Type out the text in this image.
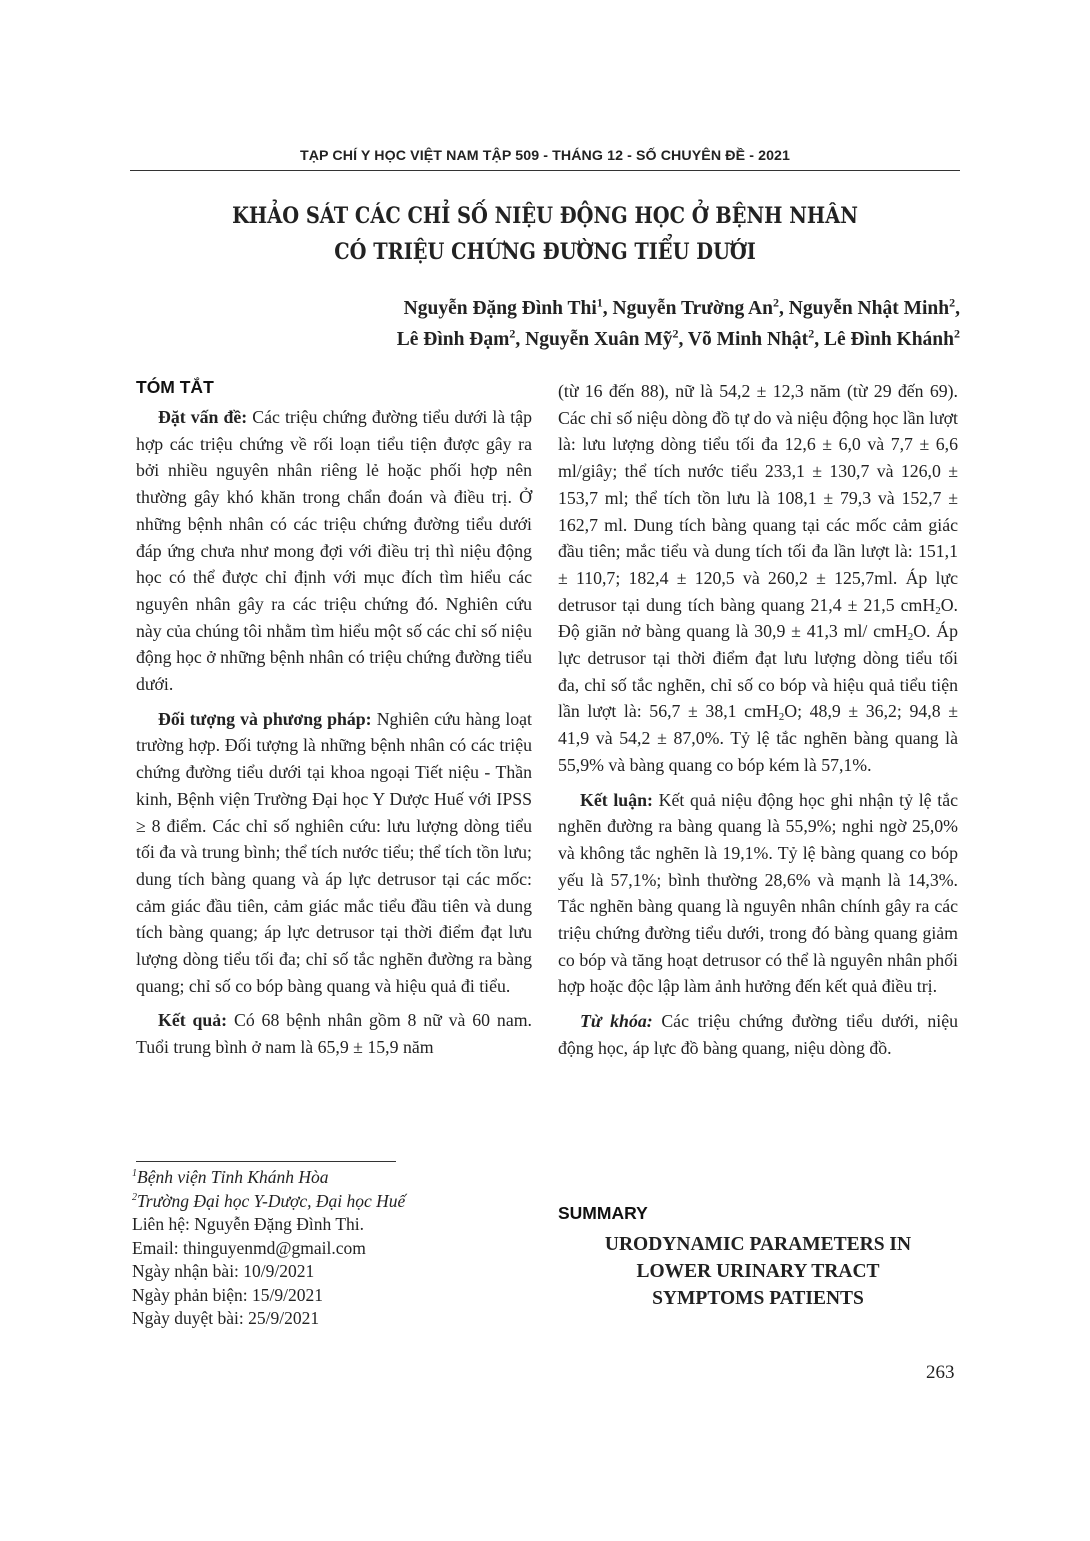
TẠP CHÍ Y HỌC VIỆT NAM TẬP 509 - THÁNG 12 - SỐ CHUYÊN ĐỀ - 2021
KHẢO SÁT CÁC CHỈ SỐ NIỆU ĐỘNG HỌC Ở BỆNH NHÂN
CÓ TRIỆU CHỨNG ĐƯỜNG TIỂU DƯỚI
Nguyễn Đặng Đình Thi$^1$, Nguyễn Trường An$^2$, Nguyễn Nhật Minh$^2$,
Lê Đình Đạm$^2$, Nguyễn Xuân Mỹ$^2$, Võ Minh Nhật$^2$, Lê Đình Khánh$^2$
TÓM TẮT

Đặt vấn đề: Các triệu chứng đường tiểu dưới là tập hợp các triệu chứng về rối loạn tiểu tiện được gây ra bởi nhiều nguyên nhân riêng lẻ hoặc phối hợp nên thường gây khó khăn trong chẩn đoán và điều trị. Ở những bệnh nhân có các triệu chứng đường tiểu dưới đáp ứng chưa như mong đợi với điều trị thì niệu động học có thể được chỉ định với mục đích tìm hiểu các nguyên nhân gây ra các triệu chứng đó. Nghiên cứu này của chúng tôi nhằm tìm hiểu một số các chỉ số niệu động học ở những bệnh nhân có triệu chứng đường tiểu dưới.

Đối tượng và phương pháp: Nghiên cứu hàng loạt trường hợp. Đối tượng là những bệnh nhân có các triệu chứng đường tiểu dưới tại khoa ngoại Tiết niệu - Thần kinh, Bệnh viện Trường Đại học Y Dược Huế với IPSS ≥ 8 điểm. Các chỉ số nghiên cứu: lưu lượng dòng tiểu tối đa và trung bình; thể tích nước tiểu; thể tích tồn lưu; dung tích bàng quang và áp lực detrusor tại các mốc: cảm giác đầu tiên, cảm giác mắc tiểu đầu tiên và dung tích bàng quang; áp lực detrusor tại thời điểm đạt lưu lượng dòng tiểu tối đa; chỉ số tắc nghẽn đường ra bàng quang; chỉ số co bóp bàng quang và hiệu quả đi tiểu.

Kết quả: Có 68 bệnh nhân gồm 8 nữ và 60 nam. Tuổi trung bình ở nam là 65,9 ± 15,9 năm

$^1$Bệnh viện Tỉnh Khánh Hòa
$^2$Trường Đại học Y-Dược, Đại học Huế
Liên hệ: Nguyễn Đặng Đình Thi.
Email: thinguyenmd@gmail.com
Ngày nhận bài: 10/9/2021
Ngày phản biện: 15/9/2021
Ngày duyệt bài: 25/9/2021

(từ 16 đến 88), nữ là 54,2 ± 12,3 năm (từ 29 đến 69). Các chỉ số niệu dòng đồ tự do và niệu động học lần lượt là: lưu lượng dòng tiểu tối đa 12,6 ± 6,0 và 7,7 ± 6,6 ml/giây; thể tích nước tiểu 233,1 ± 130,7 và 126,0 ± 153,7 ml; thể tích tồn lưu là 108,1 ± 79,3 và 152,7 ± 162,7 ml. Dung tích bàng quang tại các mốc cảm giác đầu tiên; mắc tiểu và dung tích tối đa lần lượt là: 151,1 ± 110,7; 182,4 ± 120,5 và 260,2 ± 125,7ml. Áp lực detrusor tại dung tích bàng quang 21,4 ± 21,5 cmH$_2$O. Độ giãn nở bàng quang là 30,9 ± 41,3 ml/ cmH$_2$O. Áp lực detrusor tại thời điểm đạt lưu lượng dòng tiểu tối đa, chỉ số tắc nghẽn, chỉ số co bóp và hiệu quả tiểu tiện lần lượt là: 56,7 ± 38,1 cmH$_2$O; 48,9 ± 36,2; 94,8 ± 41,9 và 54,2 ± 87,0%. Tỷ lệ tắc nghẽn bàng quang là 55,9% và bàng quang co bóp kém là 57,1%.

Kết luận: Kết quả niệu động học ghi nhận tỷ lệ tắc nghẽn đường ra bàng quang là 55,9%; nghi ngờ 25,0% và không tắc nghẽn là 19,1%. Tỷ lệ bàng quang co bóp yếu là 57,1%; bình thường 28,6% và mạnh là 14,3%. Tắc nghẽn bàng quang là nguyên nhân chính gây ra các triệu chứng đường tiểu dưới, trong đó bàng quang giảm co bóp và tăng hoạt detrusor có thể là nguyên nhân phối hợp hoặc độc lập làm ảnh hưởng đến kết quả điều trị.

Từ khóa: Các triệu chứng đường tiểu dưới, niệu động học, áp lực đồ bàng quang, niệu dòng đồ.

SUMMARY
URODYNAMIC PARAMETERS IN
LOWER URINARY TRACT
SYMPTOMS PATIENTS
263
